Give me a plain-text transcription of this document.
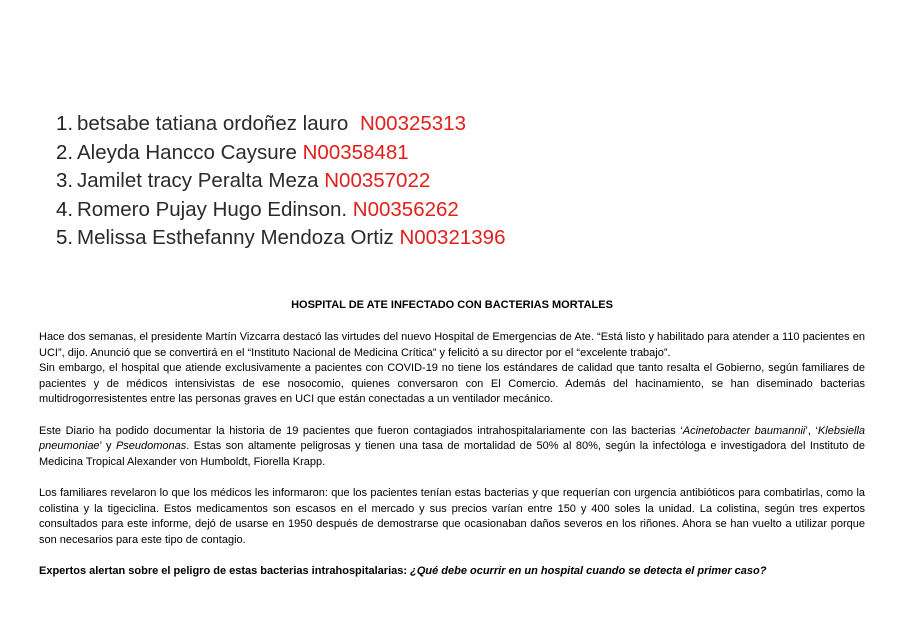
1. betsabe tatiana ordoñez lauro N00325313
2. Aleyda Hancco Caysure N00358481
3. Jamilet tracy Peralta Meza N00357022
4. Romero Pujay Hugo Edinson. N00356262
5. Melissa Esthefanny Mendoza Ortiz N00321396
HOSPITAL DE ATE INFECTADO CON BACTERIAS MORTALES

Hace dos semanas, el presidente Martín Vizcarra destacó las virtudes del nuevo Hospital de Emergencias de Ate. “Está listo y habilitado para atender a 110 pacientes en UCI”, dijo. Anunció que se convertirá en el “Instituto Nacional de Medicina Crítica” y felicitó a su director por el “excelente trabajo”.

Sin embargo, el hospital que atiende exclusivamente a pacientes con COVID-19 no tiene los estándares de calidad que tanto resalta el Gobierno, según familiares de pacientes y de médicos intensivistas de ese nosocomio, quienes conversaron con El Comercio. Además del hacinamiento, se han diseminado bacterias multidrogorresistentes entre las personas graves en UCI que están conectadas a un ventilador mecánico.

Este Diario ha podido documentar la historia de 19 pacientes que fueron contagiados intrahospitalariamente con las bacterias ‘Acinetobacter baumannii’, ‘Klebsiella pneumoniae’ y Pseudomonas. Estas son altamente peligrosas y tienen una tasa de mortalidad de 50% al 80%, según la infectóloga e investigadora del Instituto de Medicina Tropical Alexander von Humboldt, Fiorella Krapp.

Los familiares revelaron lo que los médicos les informaron: que los pacientes tenían estas bacterias y que requerían con urgencia antibióticos para combatirlas, como la colistina y la tigeciclina. Estos medicamentos son escasos en el mercado y sus precios varían entre 150 y 400 soles la unidad. La colistina, según tres expertos consultados para este informe, dejó de usarse en 1950 después de demostrarse que ocasionaban daños severos en los riñones. Ahora se han vuelto a utilizar porque son necesarios para este tipo de contagio.

Expertos alertan sobre el peligro de estas bacterias intrahospitalarias: ¿Qué debe ocurrir en un hospital cuando se detecta el primer caso?
